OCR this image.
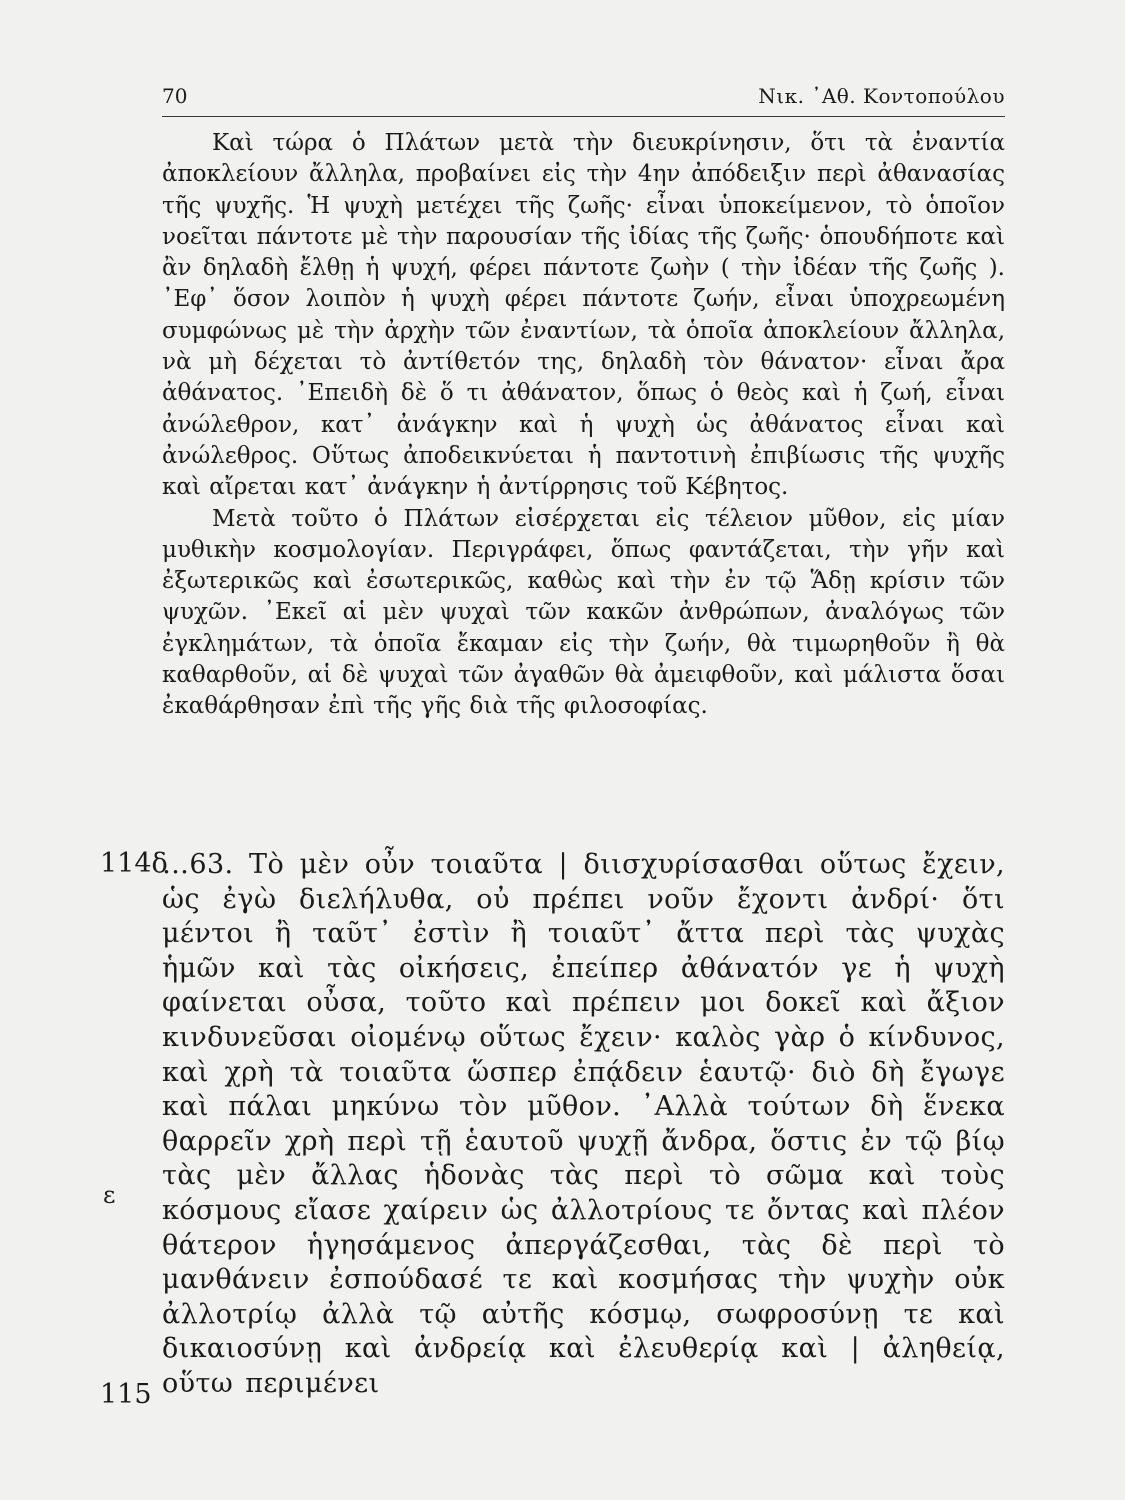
70	Νικ. ᾿Αθ. Κοντοπούλου

Καὶ τώρα ὁ Πλάτων μετὰ τὴν διευκρίνησιν, ὅτι τὰ ἐναντία ἀποκλείουν ἄλληλα, προβαίνει εἰς τὴν 4ην ἀπόδειξιν περὶ ἀθανασίας τῆς ψυχῆς. Ἡ ψυχὴ μετέχει τῆς ζωῆς· εἶναι ὑποκείμενον, τὸ ὁποῖον νοεῖται πάντοτε μὲ τὴν παρουσίαν τῆς ἰδίας τῆς ζωῆς· ὁπουδήποτε καὶ ἂν δηλαδὴ ἔλθῃ ἡ ψυχή, φέρει πάντοτε ζωὴν ( τὴν ἰδέαν τῆς ζωῆς ). ᾿Εφ᾿ ὅσον λοιπὸν ἡ ψυχὴ φέρει πάντοτε ζωήν, εἶναι ὑποχρεωμένη συμφώνως μὲ τὴν ἀρχὴν τῶν ἐναντίων, τὰ ὁποῖα ἀποκλείουν ἄλληλα, νὰ μὴ δέχεται τὸ ἀντίθετόν της, δηλαδὴ τὸν θάνατον· εἶναι ἄρα ἀθάνατος. ᾿Επειδὴ δὲ ὅ τι ἀθάνατον, ὅπως ὁ θεὸς καὶ ἡ ζωή, εἶναι ἀνώλεθρον, κατ᾿ ἀνάγκην καὶ ἡ ψυχὴ ὡς ἀθάνατος εἶναι καὶ ἀνώλεθρος. Οὕτως ἀποδεικνύεται ἡ παντοτινὴ ἐπιβίωσις τῆς ψυχῆς καὶ αἴρεται κατ᾿ ἀνάγκην ἡ ἀντίρρησις τοῦ Κέβητος.

Μετὰ τοῦτο ὁ Πλάτων εἰσέρχεται εἰς τέλειον μῦθον, εἰς μίαν μυθικὴν κοσμολογίαν. Περιγράφει, ὅπως φαντάζεται, τὴν γῆν καὶ ἐξωτερικῶς καὶ ἐσωτερικῶς, καθὼς καὶ τὴν ἐν τῷ Ἅδῃ κρίσιν τῶν ψυχῶν. ᾿Εκεῖ αἱ μὲν ψυχαὶ τῶν κακῶν ἀνθρώπων, ἀναλόγως τῶν ἐγκλημάτων, τὰ ὁποῖα ἔκαμαν εἰς τὴν ζωήν, θὰ τιμωρηθοῦν ἢ θὰ καθαρθοῦν, αἱ δὲ ψυχαὶ τῶν ἀγαθῶν θὰ ἀμειφθοῦν, καὶ μάλιστα ὅσαι ἐκαθάρθησαν ἐπὶ τῆς γῆς διὰ τῆς φιλοσοφίας.

114δ
ε
115

…63. Τὸ μὲν οὖν τοιαῦτα | διισχυρίσασθαι οὕτως ἔχειν, ὡς ἐγὼ διελήλυθα, οὐ πρέπει νοῦν ἔχοντι ἀνδρί· ὅτι μέντοι ἢ ταῦτ᾿ ἐστὶν ἢ τοιαῦτ᾿ ἄττα περὶ τὰς ψυχὰς ἡμῶν καὶ τὰς οἰκήσεις, ἐπείπερ ἀθάνατόν γε ἡ ψυχὴ φαίνεται οὖσα, τοῦτο καὶ πρέπειν μοι δοκεῖ καὶ ἄξιον κινδυνεῦσαι οἰομένῳ οὕτως ἔχειν· καλὸς γὰρ ὁ κίνδυνος, καὶ χρὴ τὰ τοιαῦτα ὥσπερ ἐπᾴδειν ἑαυτῷ· διὸ δὴ ἔγωγε καὶ πάλαι μηκύνω τὸν μῦθον. ᾿Αλλὰ τούτων δὴ ἕνεκα θαρρεῖν χρὴ περὶ τῇ ἑαυτοῦ ψυχῇ ἄνδρα, ὅστις ἐν τῷ βίῳ τὰς μὲν ἄλλας ἡδονὰς τὰς περὶ τὸ σῶμα καὶ τοὺς κόσμους εἴασε χαίρειν ὡς ἀλλοτρίους τε ὄντας καὶ πλέον θάτερον ἡγησάμενος ἀπεργάζεσθαι, τὰς δὲ περὶ τὸ μανθάνειν ἐσπούδασέ τε καὶ κοσμήσας τὴν ψυχὴν οὐκ ἀλλοτρίῳ ἀλλὰ τῷ αὐτῆς κόσμῳ, σωφροσύνῃ τε καὶ δικαιοσύνῃ καὶ ἀνδρείᾳ καὶ ἐλευθερίᾳ καὶ | ἀληθείᾳ, οὕτω περιμένει
